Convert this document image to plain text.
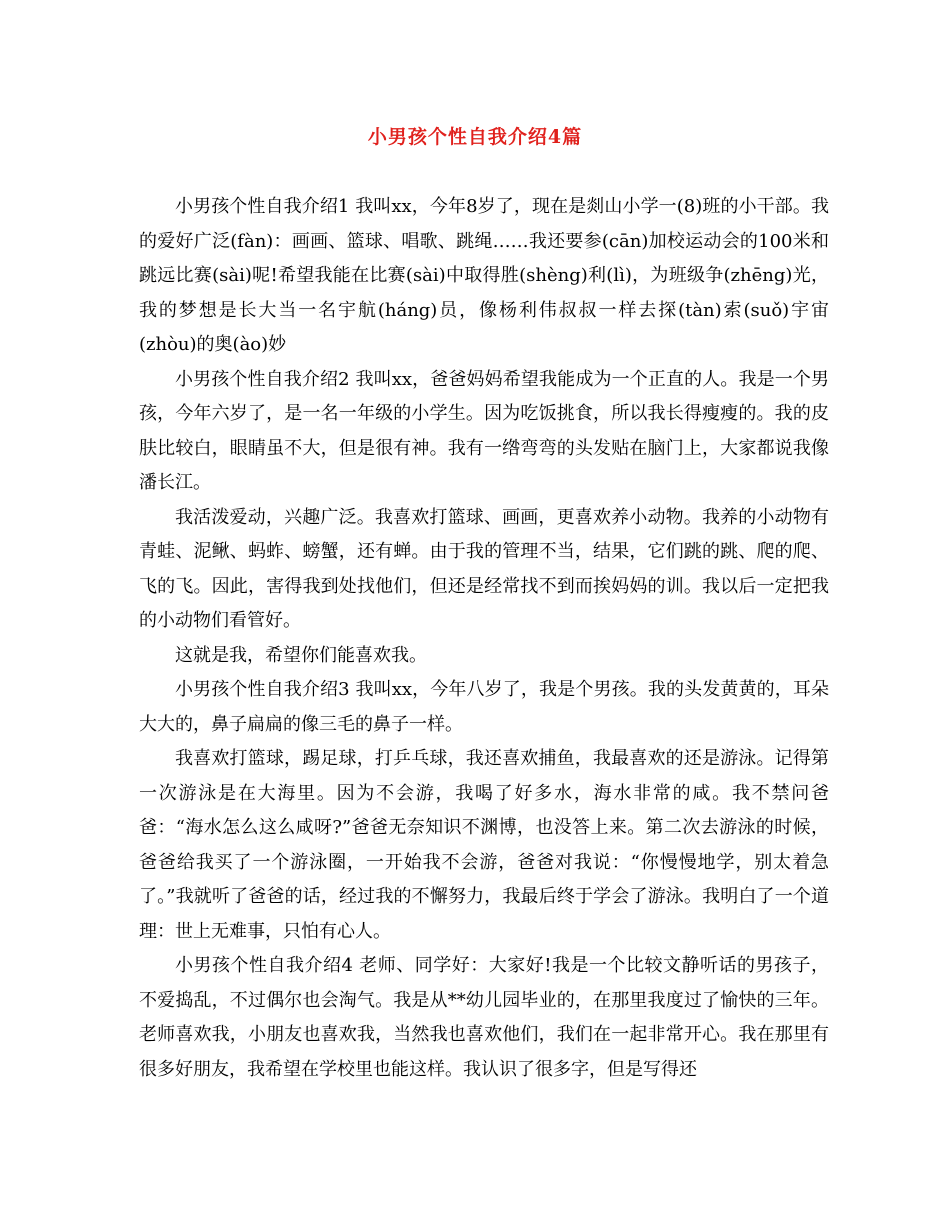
小男孩个性自我介绍4篇

小男孩个性自我介绍1 我叫xx，今年8岁了，现在是剡山小学一(8)班的小干部。我的爱好广泛(fàn)：画画、篮球、唱歌、跳绳……我还要参(cān)加校运动会的100米和跳远比赛(sài)呢!希望我能在比赛(sài)中取得胜(shèng)利(lì)，为班级争(zhēng)光，我的梦想是长大当一名宇航(háng)员，像杨利伟叔叔一样去探(tàn)索(suǒ)宇宙(zhòu)的奥(ào)妙

小男孩个性自我介绍2 我叫xx，爸爸妈妈希望我能成为一个正直的人。我是一个男孩，今年六岁了，是一名一年级的小学生。因为吃饭挑食，所以我长得瘦瘦的。我的皮肤比较白，眼睛虽不大，但是很有神。我有一绺弯弯的头发贴在脑门上，大家都说我像潘长江。

我活泼爱动，兴趣广泛。我喜欢打篮球、画画，更喜欢养小动物。我养的小动物有青蛙、泥鳅、蚂蚱、螃蟹，还有蝉。由于我的管理不当，结果，它们跳的跳、爬的爬、飞的飞。因此，害得我到处找他们，但还是经常找不到而挨妈妈的训。我以后一定把我的小动物们看管好。

这就是我，希望你们能喜欢我。

小男孩个性自我介绍3 我叫xx，今年八岁了，我是个男孩。我的头发黄黄的，耳朵大大的，鼻子扁扁的像三毛的鼻子一样。

我喜欢打篮球，踢足球，打乒乓球，我还喜欢捕鱼，我最喜欢的还是游泳。记得第一次游泳是在大海里。因为不会游，我喝了好多水，海水非常的咸。我不禁问爸爸：“海水怎么这么咸呀?”爸爸无奈知识不渊博，也没答上来。第二次去游泳的时候，爸爸给我买了一个游泳圈，一开始我不会游，爸爸对我说：“你慢慢地学，别太着急了。”我就听了爸爸的话，经过我的不懈努力，我最后终于学会了游泳。我明白了一个道理：世上无难事，只怕有心人。

小男孩个性自我介绍4 老师、同学好：大家好!我是一个比较文静听话的男孩子，不爱捣乱，不过偶尔也会淘气。我是从**幼儿园毕业的，在那里我度过了愉快的三年。老师喜欢我，小朋友也喜欢我，当然我也喜欢他们，我们在一起非常开心。我在那里有很多好朋友，我希望在学校里也能这样。我认识了很多字，但是写得还
